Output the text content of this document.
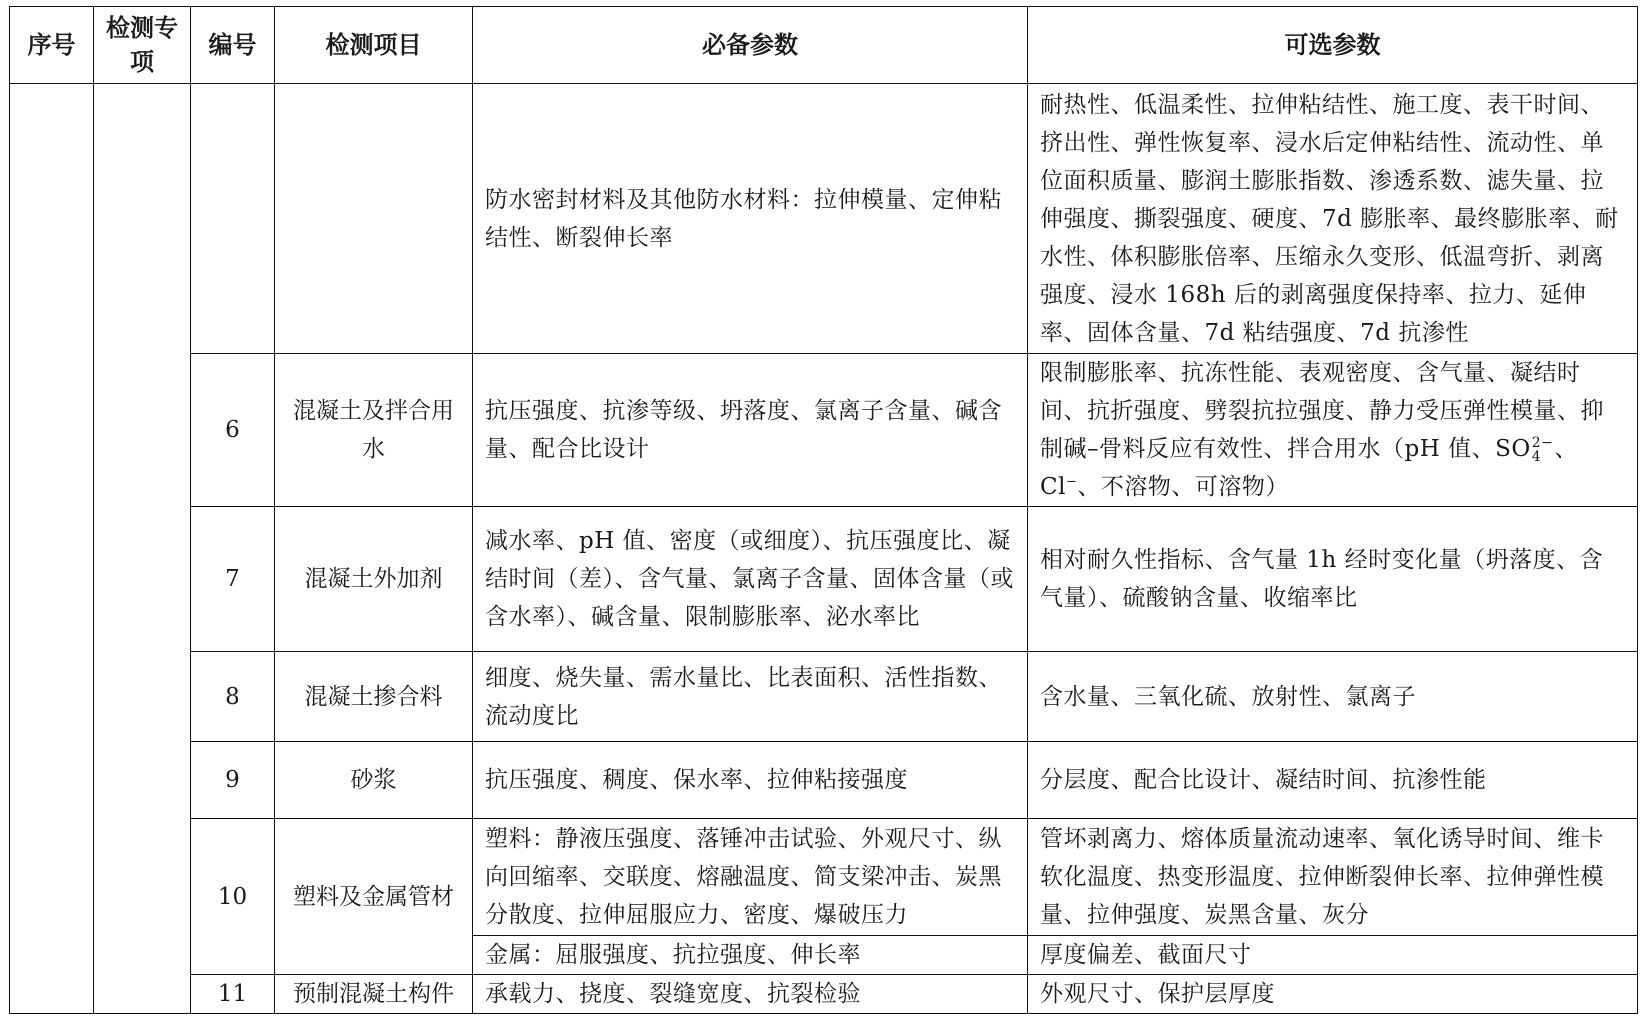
序号	检测专项	编号	检测项目	必备参数	可选参数
				防水密封材料及其他防水材料：拉伸模量、定伸粘结性、断裂伸长率	耐热性、低温柔性、拉伸粘结性、施工度、表干时间、挤出性、弹性恢复率、浸水后定伸粘结性、流动性、单位面积质量、膨润土膨胀指数、渗透系数、滤失量、拉伸强度、撕裂强度、硬度、7d 膨胀率、最终膨胀率、耐水性、体积膨胀倍率、压缩永久变形、低温弯折、剥离强度、浸水 168h 后的剥离强度保持率、拉力、延伸率、固体含量、7d 粘结强度、7d 抗渗性
		6	混凝土及拌合用水	抗压强度、抗渗等级、坍落度、氯离子含量、碱含量、配合比设计	限制膨胀率、抗冻性能、表观密度、含气量、凝结时间、抗折强度、劈裂抗拉强度、静力受压弹性模量、抑制碱–骨料反应有效性、拌合用水（pH 值、SO 2−
4 、Cl−、不溶物、可溶物）
		7	混凝土外加剂	减水率、pH 值、密度（或细度）、抗压强度比、凝结时间（差）、含气量、氯离子含量、固体含量（或含水率）、碱含量、限制膨胀率、泌水率比	相对耐久性指标、含气量 1h 经时变化量（坍落度、含气量）、硫酸钠含量、收缩率比
		8	混凝土掺合料	细度、烧失量、需水量比、比表面积、活性指数、流动度比	含水量、三氧化硫、放射性、氯离子
		9	砂浆	抗压强度、稠度、保水率、拉伸粘接强度	分层度、配合比设计、凝结时间、抗渗性能
		10	塑料及金属管材	塑料：静液压强度、落锤冲击试验、外观尺寸、纵向回缩率、交联度、熔融温度、简支梁冲击、炭黑分散度、拉伸屈服应力、密度、爆破压力	管坏剥离力、熔体质量流动速率、氧化诱导时间、维卡软化温度、热变形温度、拉伸断裂伸长率、拉伸弹性模量、拉伸强度、炭黑含量、灰分
				金属：屈服强度、抗拉强度、伸长率	厚度偏差、截面尺寸
		11	预制混凝土构件	承载力、挠度、裂缝宽度、抗裂检验	外观尺寸、保护层厚度
